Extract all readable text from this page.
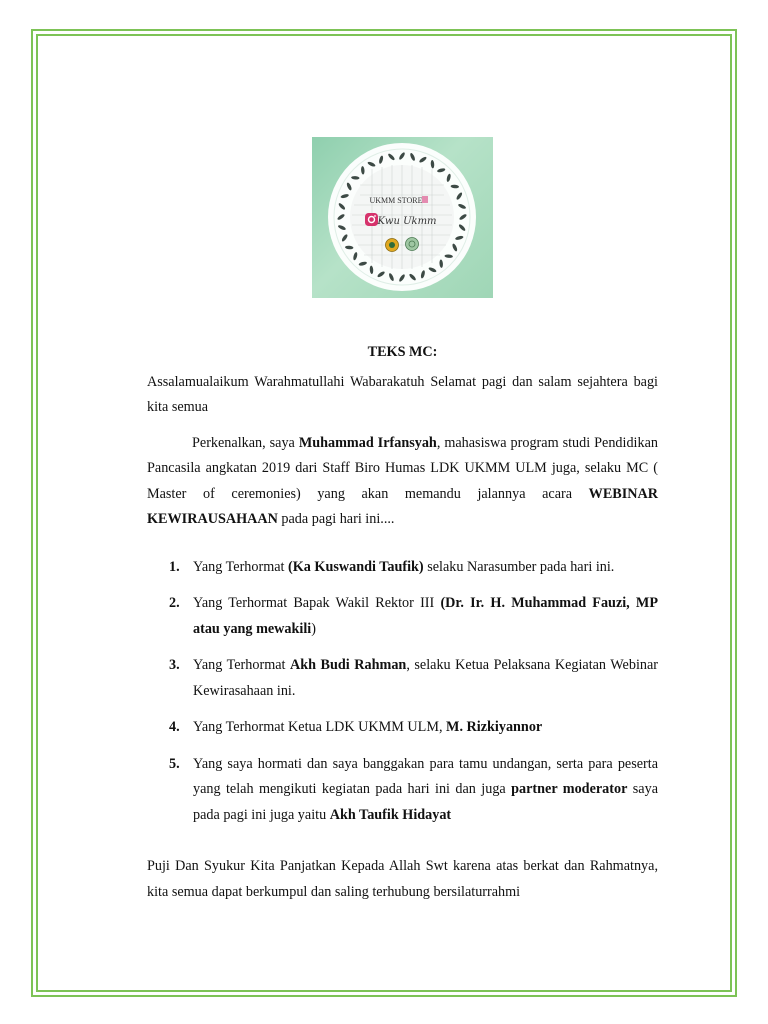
UKMM STORE
Kwu Ukmm

TEKS MC:

Assalamualaikum Warahmatullahi Wabarakatuh Selamat pagi dan salam sejahtera bagi kita semua

Perkenalkan, saya Muhammad Irfansyah, mahasiswa program studi Pendidikan Pancasila angkatan 2019 dari Staff Biro Humas LDK UKMM ULM juga, selaku MC ( Master of ceremonies) yang akan memandu jalannya acara WEBINAR KEWIRAUSAHAAN pada pagi hari ini....

1. Yang Terhormat (Ka Kuswandi Taufik) selaku Narasumber pada hari ini.
2. Yang Terhormat Bapak Wakil Rektor III (Dr. Ir. H. Muhammad Fauzi, MP atau yang mewakili)
3. Yang Terhormat Akh Budi Rahman, selaku Ketua Pelaksana Kegiatan Webinar Kewirasahaan ini.
4. Yang Terhormat Ketua LDK UKMM ULM, M. Rizkiyannor
5. Yang saya hormati dan saya banggakan para tamu undangan, serta para peserta yang telah mengikuti kegiatan pada hari ini dan juga partner moderator saya pada pagi ini juga yaitu Akh Taufik Hidayat

Puji Dan Syukur Kita Panjatkan Kepada Allah Swt karena atas berkat dan Rahmatnya, kita semua dapat berkumpul dan saling terhubung bersilaturrahmi
